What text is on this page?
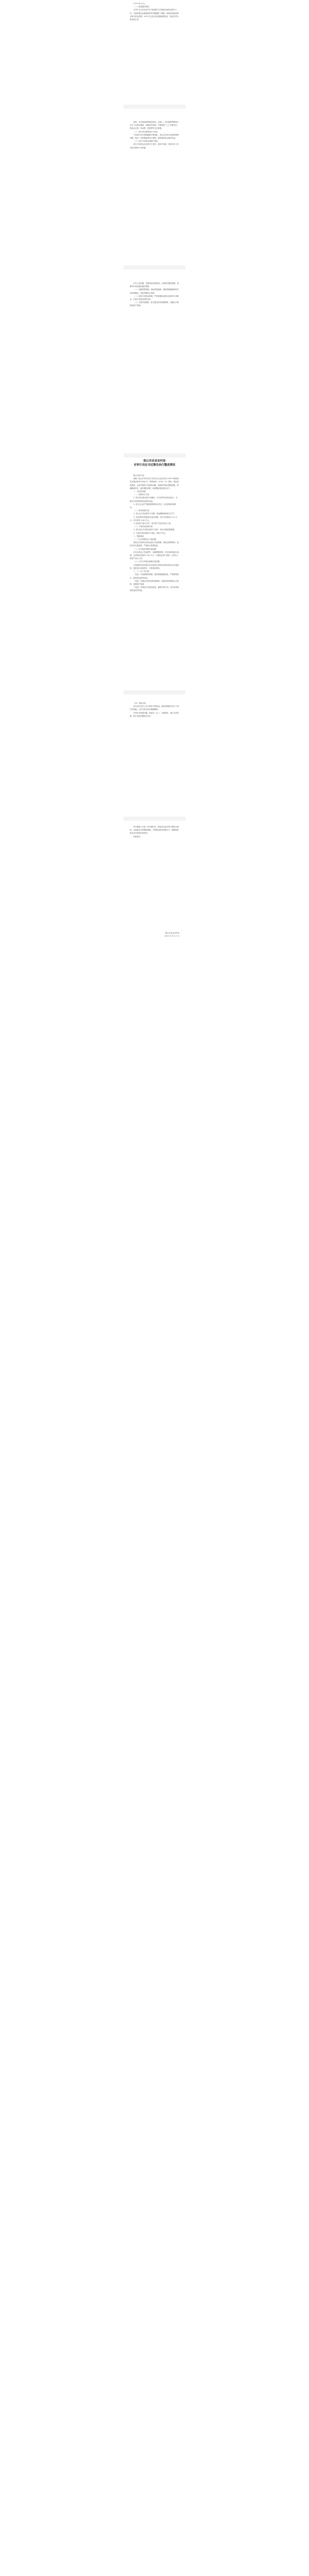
2170.98 万元。

（二）推进落实情况

2014 年已经完成中央“营改增”试点财政补助资金拨付工作，为营改增企业减轻税负等问题提供了保障，按照市财政局要求进行资金清理。2015 年已经完成县级税费返还，保证县乡经费运转正常。

国家、省市财政政策落实情况。各部门、单位能够贯彻执行中央八项规定精神，加强财务管理，严格控制“三公”经费支出，规范会议费、培训费、差旅费等支出管理。

（二）部分单位预算执行不到位

个别单位存在预算编制不够细化、项目支出执行进度较慢等问题，需进一步加强预算执行管理，提高财政资金使用效益。

（三）部分专项资金管理不规范

部分专项资金存在拨付不及时、使用不规范、绩效评价工作开展不够深入等问题。

针对上述问题，县财政局高度重视，认真研究整改措施，按照审计意见逐条落实整改。

（一）加强预算管理，细化预算编制，提高预算编制的科学性和准确性，加快预算执行进度。

（二）规范专项资金管理，严格按照规定拨付和使用专项资金，开展专项资金绩效评价。

（三）完善内控制度，建立健全财务管理制度，加强会计核算和资产管理。

保山市农业农村局
对审计决定书反馈告执行整改情况

保山市审计局：

根据《保山市审计局关于保山市农业农村局 2018 年度财务收支情况的审计决定书》（保审财决〔2019〕号）要求，我局高度重视，认真对照审计发现的问题，逐条研究制定整改措施，明确整改责任，落实整改时限。现将整改情况报告如下：

一、存在的问题

（一）预算执行方面

1. 部分项目资金执行率偏低，年末结转结余资金较大，未能充分发挥财政资金使用效益。

2. 部分支出未严格按照预算科目列支，存在调剂使用情况。

（二）财务管理方面

1. 部分会计凭证附件不完整，原始票据审核把关不严。

2. 往来款项长期挂账未及时清理，其中应收款项 5.23 万元、应付款项 2.60 万元。

3. 固定资产账实不符，部分资产未及时登记入账。

（三）专项资金管理方面

1. 部分农业专项资金拨付不及时，项目实施进度缓慢。

2. 个别项目验收程序不规范，资料不齐全。

二、整改情况

（一）针对预算执行方面问题

我局已对结转结余资金进行全面清理，按规定统筹使用，加快项目实施进度，严格执行预算批复。

（二）针对财务管理方面问题

补充完善会计凭证附件，加强票据审核；对往来款项进行清理，已清理应收款项 3.50 万元；开展固定资产清查，已将未入账资产登记入账。

（三）针对专项资金管理方面问题

已督促相关科室和项目实施单位加快资金拨付和项目实施进度，规范项目验收程序，完善验收资料。

三、下一步工作打算

一是进一步加强预算管理，提高预算编制质量，严格预算执行，提高资金使用效益。

二是进一步健全完善内部控制制度，规范财务管理和会计核算，加强资产管理。

三是进一步强化专项资金监管，确保专款专用，切实发挥财政资金使用效益。

（四）其他方面

部分单位存在公务卡使用不够规范、政府采购程序执行不到位等问题，已责令相关单位限期整改。

对审计发现的问题，我局举一反三，全面排查，建立长效机制，防止类似问题再次发生。

审计整改工作是一项长期任务，我局将以此次审计整改为契机，认真落实各项整改措施，不断提高财务管理水平，确保财政资金安全规范有效使用。

特此报告。

保山市农业农村局
2019 年 9 月 1 日
